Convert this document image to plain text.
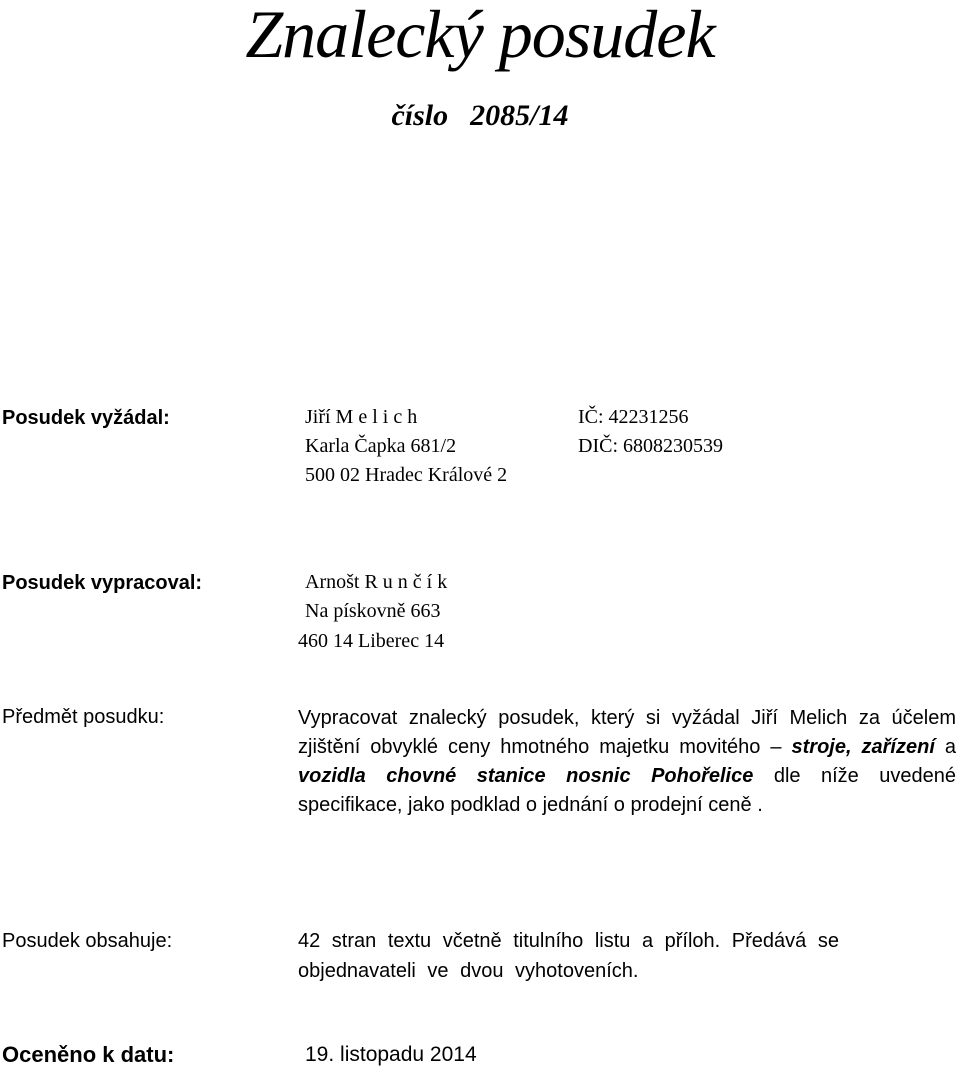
Znalecký posudek
číslo 2085/14
Posudek vyžádal:	Jiří M e l i c h
Karla Čapka 681/2
500 02 Hradec Králové 2
IČ: 42231256
DIČ: 6808230539
Posudek vypracoval:	Arnošt R u n č í k
Na pískovně 663
460 14 Liberec 14
Předmět posudku:	Vypracovat znalecký posudek, který si vyžádal Jiří Melich za účelem zjištění obvyklé ceny hmotného majetku movitého – stroje, zařízení a vozidla chovné stanice nosnic Pohořelice dle níže uvedené specifikace, jako podklad o jednání o prodejní ceně .
Posudek obsahuje:	42 stran textu včetně titulního listu a příloh. Předává se objednavateli ve dvou vyhotoveních.
Oceněno k datu:	19. listopadu 2014
